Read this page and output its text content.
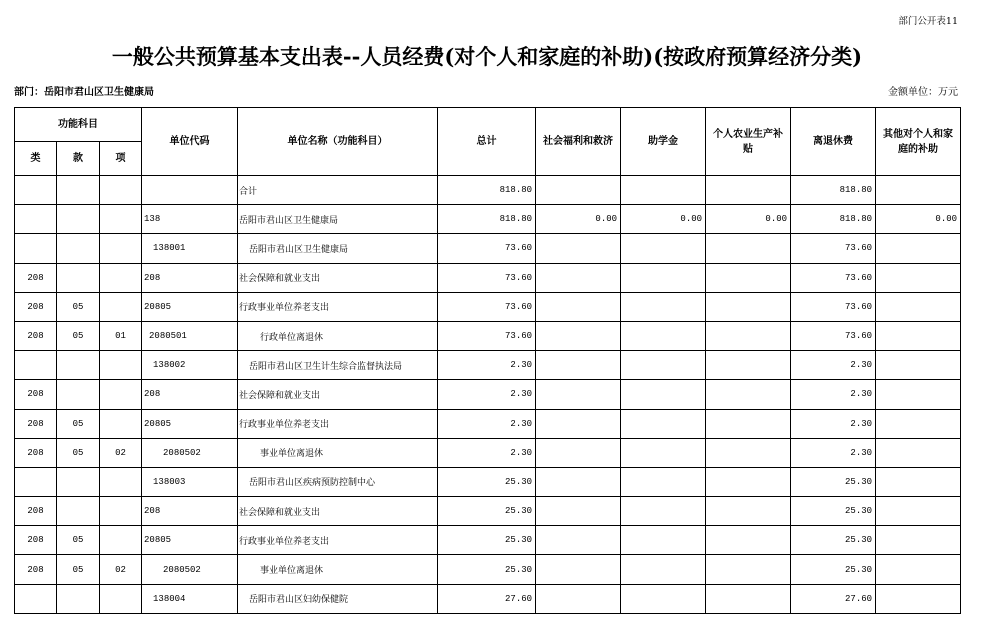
部门公开表11
一般公共预算基本支出表--人员经费(对个人和家庭的补助)(按政府预算经济分类)
部门：岳阳市君山区卫生健康局	金额单位：万元
功能科目			单位代码	单位名称（功能科目）	总计	社会福利和救济	助学金	个人农业生产补贴	离退休费	其他对个人和家庭的补助
类	款	项								
				合计	818.80				818.80	
			138	岳阳市君山区卫生健康局	818.80	0.00	0.00	0.00	818.80	0.00
			138001	岳阳市君山区卫生健康局	73.60				73.60	
208			208	社会保障和就业支出	73.60				73.60	
208	05		20805	行政事业单位养老支出	73.60				73.60	
208	05	01	2080501	行政单位离退休	73.60				73.60	
			138002	岳阳市君山区卫生计生综合监督执法局	2.30				2.30	
208			208	社会保障和就业支出	2.30				2.30	
208	05		20805	行政事业单位养老支出	2.30				2.30	
208	05	02	2080502	事业单位离退休	2.30				2.30	
			138003	岳阳市君山区疾病预防控制中心	25.30				25.30	
208			208	社会保障和就业支出	25.30				25.30	
208	05		20805	行政事业单位养老支出	25.30				25.30	
208	05	02	2080502	事业单位离退休	25.30				25.30	
			138004	岳阳市君山区妇幼保健院	27.60				27.60	
